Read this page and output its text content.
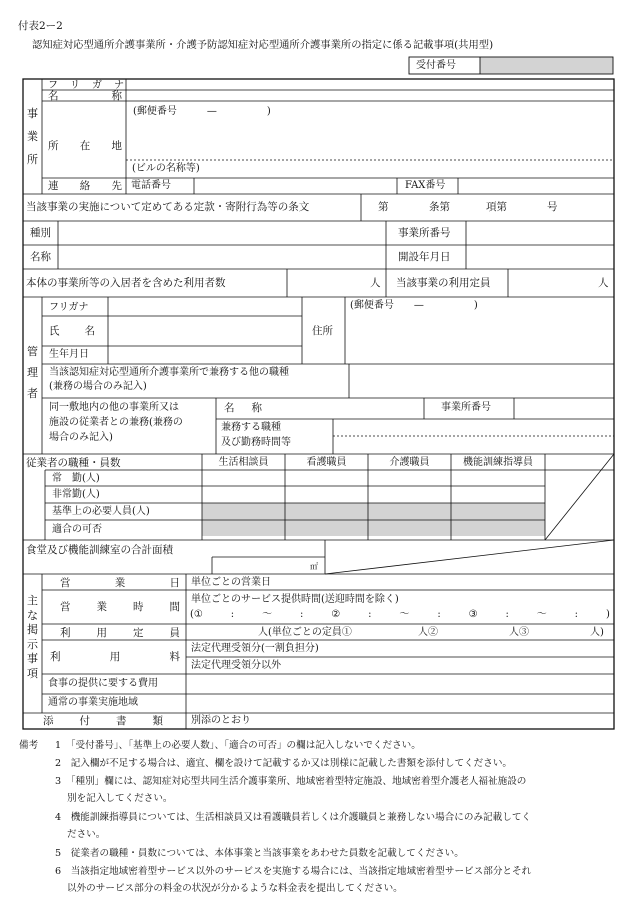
付表2ー2
認知症対応型通所介護事業所・介護予防認知症対応型通所介護事業所の指定に係る記載事項(共用型)
受付番号
事
業
所
フ リ ガ ナ
名	称
所 在 地
(郵便番号　　　—　　　　　)
(ビルの名称等)
連 絡 先 電話番号	FAX番号
当該事業の実施について定めてある定款・寄附行為等の条文	第	条第	項第	号
種別	事業所番号
名称	開設年月日
本体の事業所等の入居者を含めた利用者数	人 当該事業の利用定員	人
管
理
者
フリガナ
氏 名	住所
(郵便番号　　—　　　　　)
生年月日
当該認知症対応型通所介護事業所で兼務する他の職種
(兼務の場合のみ記入)
同一敷地内の他の事業所又は
施設の従業者との兼務(兼務の
場合のみ記入)
名 称	事業所番号
兼務する職種
及び勤務時間等
従業者の職種・員数	生活相談員	看護職員	介護職員	機能訓練指導員
常　勤(人)
非常勤(人)
基準上の必要人員(人)
適合の可否
食堂及び機能訓練室の合計面積
㎡
主
な
掲
示
事
項
営	業	日 単位ごとの営業日
営 業 時 間
単位ごとのサービス提供時間(送迎時間を除く)
(①	:	〜	:	②	:	〜	:	③	:	〜	:	)
利 用 定 員	人(単位ごとの定員①	人②	人③	人)
利	用	料
法定代理受領分(一割負担分)
法定代理受領分以外
食事の提供に要する費用
通常の事業実施地域
添 付 書 類	別添のとおり
備考 1　「受付番号」、「基準上の必要人数」、「適合の可否」の欄は記入しないでください。
2　記入欄が不足する場合は、適宜、欄を設けて記載するか又は別様に記載した書類を添付してください。
3　「種別」欄には、認知症対応型共同生活介護事業所、地域密着型特定施設、地域密着型介護老人福祉施設の
別を記入してください。
4　機能訓練指導員については、生活相談員又は看護職員若しくは介護職員と兼務しない場合にのみ記載してく
ださい。
5　従業者の職種・員数については、本体事業と当該事業をあわせた員数を記載してください。
6　当該指定地域密着型サービス以外のサービスを実施する場合には、当該指定地域密着型サービス部分とそれ
以外のサービス部分の料金の状況が分かるような料金表を提出してください。
